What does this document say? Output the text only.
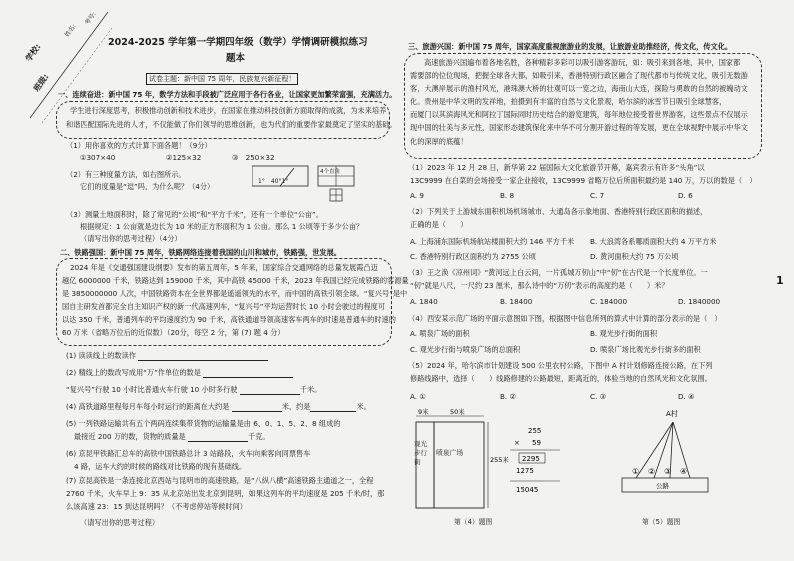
学校:
班级:
姓名:
考号:
2024-2025 学年第一学期四年级（数学）学情调研模拟练习
题本
试卷主题：新中国 75 周年，民族复兴新征程！
一、连续奋进：新中国 75 年，数学方法和手段被广泛应用于各行各业，让国家更加繁荣富强，充满活力。
学生进行深度思考，积极推动创新和技术进步，在国家在推动科技创新方面取得的成就，为未来培养
和谐匹配国际先进的人才，不仅能做了你们领导的思维创新，也为代们的重要作家最奠定了坚实的基础。
（1）用你喜欢的方式计算下面各题！（9分）
①307×40	②125×32	③　250×32
（2）有三种度量方法，如右图所示。
它们的度量是“逗”吗，为什么呢？（4分）
1°　40°1°
4个直角
（3）测量土地面积时，除了常见的“公顷”和“平方千米”，还有一个单位“公亩”。
根据规定：1 公亩就是边长为 10 米的正方形面积为 1 公亩。那么 1 公顷等于多少公亩？
（请写出你的思考过程）（4分）
二、铁路强国：新中国 75 周年，铁路网络连接着我国的山川和城市，铁路强，世发展。
2024 年是《交通强国建设纲要》发布的第五周年，5 年来，国家综合交通网络的总量发展霞凸迈
越亿 6000000 千米，铁路达到 159000 千米，其中高铁 45000 千米，2023 年我国已经完成铁路的客源量
是 3850000000 人次，中国铁路资本在全世界都是遥遥领先的水平，而中国的高铁引领全球。“复兴号”是中
国自主研发首都完全自主知识产权的新一代高速列车，“复兴号”平均运营时长 10 小时会驶过的程度可
以达 350 千米，普通列车的平均速度约为 90 千米，高铁通道导领高速客车两车的时速是普通车的时速的
60 万米（省略万位后的近似数）（20分，每空 2 分，第 (7) 题 4 分）
(1) 读读线上的数读作
(2) 精线上的数改写成用“万”作单位的数是
“复兴号”行驶 10 小时比普通火车行驶 10 小时多行驶	千米。
(4) 高铁道路里程每月车每小时运行的距离在大约是	米，约是	米。
(5) 一列铁路运输共有五个两码连续集带货物的运输量是由 6、0、1、5、2、8 组成的
最接近 200 万的数，货物的质量是	千克。
(6) 京昆甲铁路汇总车的高铁中国铁路总计 3 站路段，火车向乘客向同票售车
4 路，运车大约的时候的路线对比铁路的现有基础线。
(7) 京昆高铁是一条连接北京西站与昆明市的高速铁路，是“八纵八横”高速铁路主通道之一，全程
2760 千米，火车早上 9：35 从北京站出发北京到昆明，如果这列车的平均速度是 205 千米/时，那
么该高速 23：15 到达昆明吗？（不考虑停站等候时间）
（请写出你的思考过程）
三、旅游兴国：新中国 75 周年，国家高度重视旅游业的发展，让旅游业助推经济，传文化，传文化。
高速旅游兴国遍布着各地名胜，各种精彩多彩可以吸引游客游玩，如：吸引来到各地，其中，国家都
需要部的位位现场，把握全球各大都，如吸引来，香港特别行政区融合了现代都市与传统文化，吸引无数游
客，大澳岸展示的渔村风光，港珠澳大桥的壮观可以一览之边，海南山大连，探险与勇敢的自然的被魄动文
化。贵州是中华文明的发祥地，拍摄到有丰富的自然与文化景观，哈尔滨的冰雪节日吸引全球慧客，
而厦门以其滨海风光和阿拉丁国际同时历史结合的游览建筑，每年地位接受着世界游客，这些景点不仅展示
现中国的壮美与多元性，国家形态建筑保化来中华不可分割开游过程的等发展，更在全球视野中展示中华文
化的深厚的底蕴！
（1）2023 年 12 月 28 日，新华第 22 届国际大文化旅游节开幕，嘉宾表示有许多“头角”以
13C9999 在白菜的会场接受一家企业接收，13C9999 省略万位后所面积最约是 140 万，万以的数是（　）
A. 9	B. 8	C. 7	D. 6
（2）下列关于上游城东面积机场机场城市、大通岛各示象地面、香港特别行政区面积的描述，
正确的是（　　）
A. 上海浦东国际机场航站楼面积大约 146 平方千米 B. 大浪湾各系哪质面积大约 4 万平方米
C. 香港特别行政区面积约为 2755 公顷	D. 黄河面积大约 75 万公顷
（3）王之涣《凉州词》“黄河远上白云间，一片孤城万仞山”中“仞”在古代是一个长度单位。一
“仞”就是八尺，一尺约 23 厘米，那么诗中的“万仞”表示的高度约是（　　）米？
A. 1840	B. 18400	C. 184000	D. 1840000
（4）西安某示范广场的平面示意图如下图，根据图中信息所列的算式中计算的部分表示的是（　）
A. 喷泉广场的面积	B. 观光步行街的面积
C. 观光步行街与喷泉广场的总面积	D. 喷泉广场比观光步行街多的面积
（5）2024 年，哈尔滨市计划建设 500 公里农村公路，下图中 A 村计划修路连接公路，在下列
修路线路中，选择（　　）线路修建的公路最短，距离近的，体验当地的自然风光和文化氛围。
A. ①	B. ②	C. ③	D. ④
9米	50米
255米
255
× 59
2295
1275
15045
观光步行街
喷泉广场
第（4）题图
A村
① ② ③ ④
公路
第（5）题图
1
